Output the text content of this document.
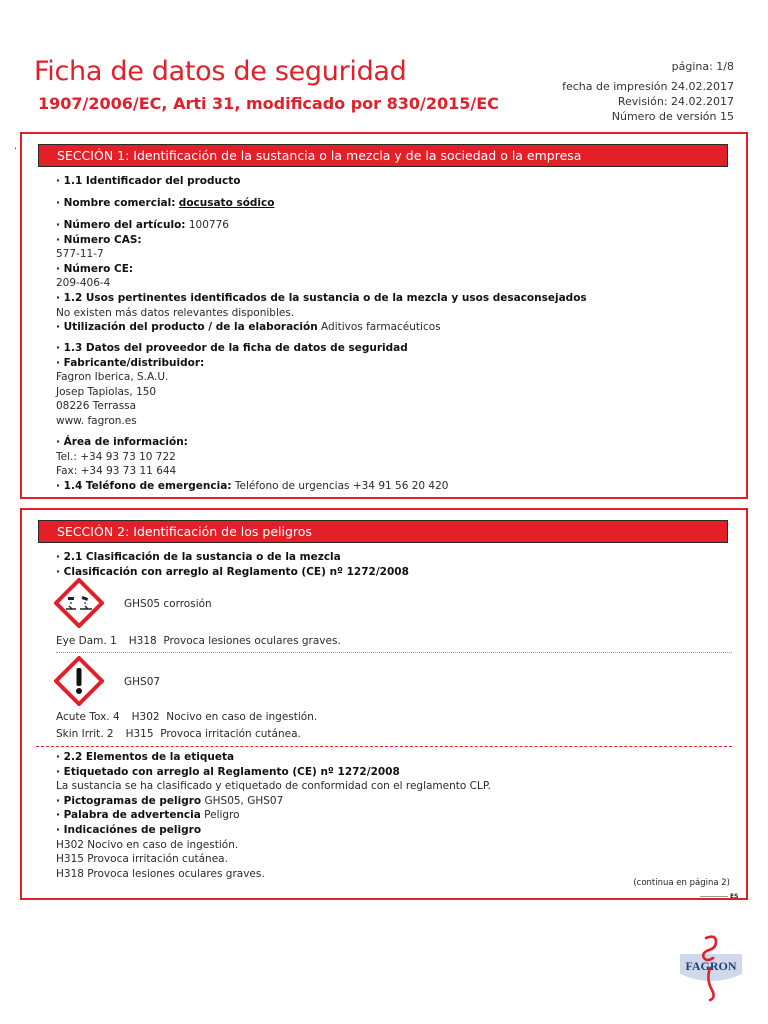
Ficha de datos de seguridad
1907/2006/EC, Arti 31, modificado por 830/2015/EC
página: 1/8
fecha de impresión 24.02.2017
Revisión: 24.02.2017
Número de versión 15
·	SECCIÓN 1: Identificación de la sustancia o la mezcla y de la sociedad o la empresa
· 1.1 Identificador del producto
· Nombre comercial: docusato sódico
· Número del artículo: 100776
· Número CAS:
577-11-7
· Número CE:
209-406-4
· 1.2 Usos pertinentes identificados de la sustancia o de la mezcla y usos desaconsejados
No existen más datos relevantes disponibles.
· Utilización del producto / de la elaboración Aditivos farmacéuticos
· 1.3 Datos del proveedor de la ficha de datos de seguridad
· Fabricante/distribuidor:
Fagron Iberica, S.A.U.
Josep Tapiolas, 150
08226 Terrassa
www. fagron.es
· Área de información:
Tel.: +34 93 73 10 722
Fax: +34 93 73 11 644
· 1.4 Teléfono de emergencia: Teléfono de urgencias +34 91 56 20 420
SECCIÓN 2: Identificación de los peligros
· 2.1 Clasificación de la sustancia o de la mezcla
· Clasificación con arreglo al Reglamento (CE) nº 1272/2008
GHS05 corrosión
Eye Dam. 1 H318 Provoca lesiones oculares graves.
GHS07
Acute Tox. 4 H302 Nocivo en caso de ingestión.
Skin Irrit. 2 H315 Provoca irritación cutánea.
· 2.2 Elementos de la etiqueta
· Etiquetado con arreglo al Reglamento (CE) nº 1272/2008
La sustancia se ha clasificado y etiquetado de conformidad con el reglamento CLP.
· Pictogramas de peligro GHS05, GHS07
· Palabra de advertencia Peligro
· Indicaciónes de peligro
H302 Nocivo en caso de ingestión.
H315 Provoca irritación cutánea.
H318 Provoca lesiones oculares graves.
(continua en página 2)
ES
FAGRON
